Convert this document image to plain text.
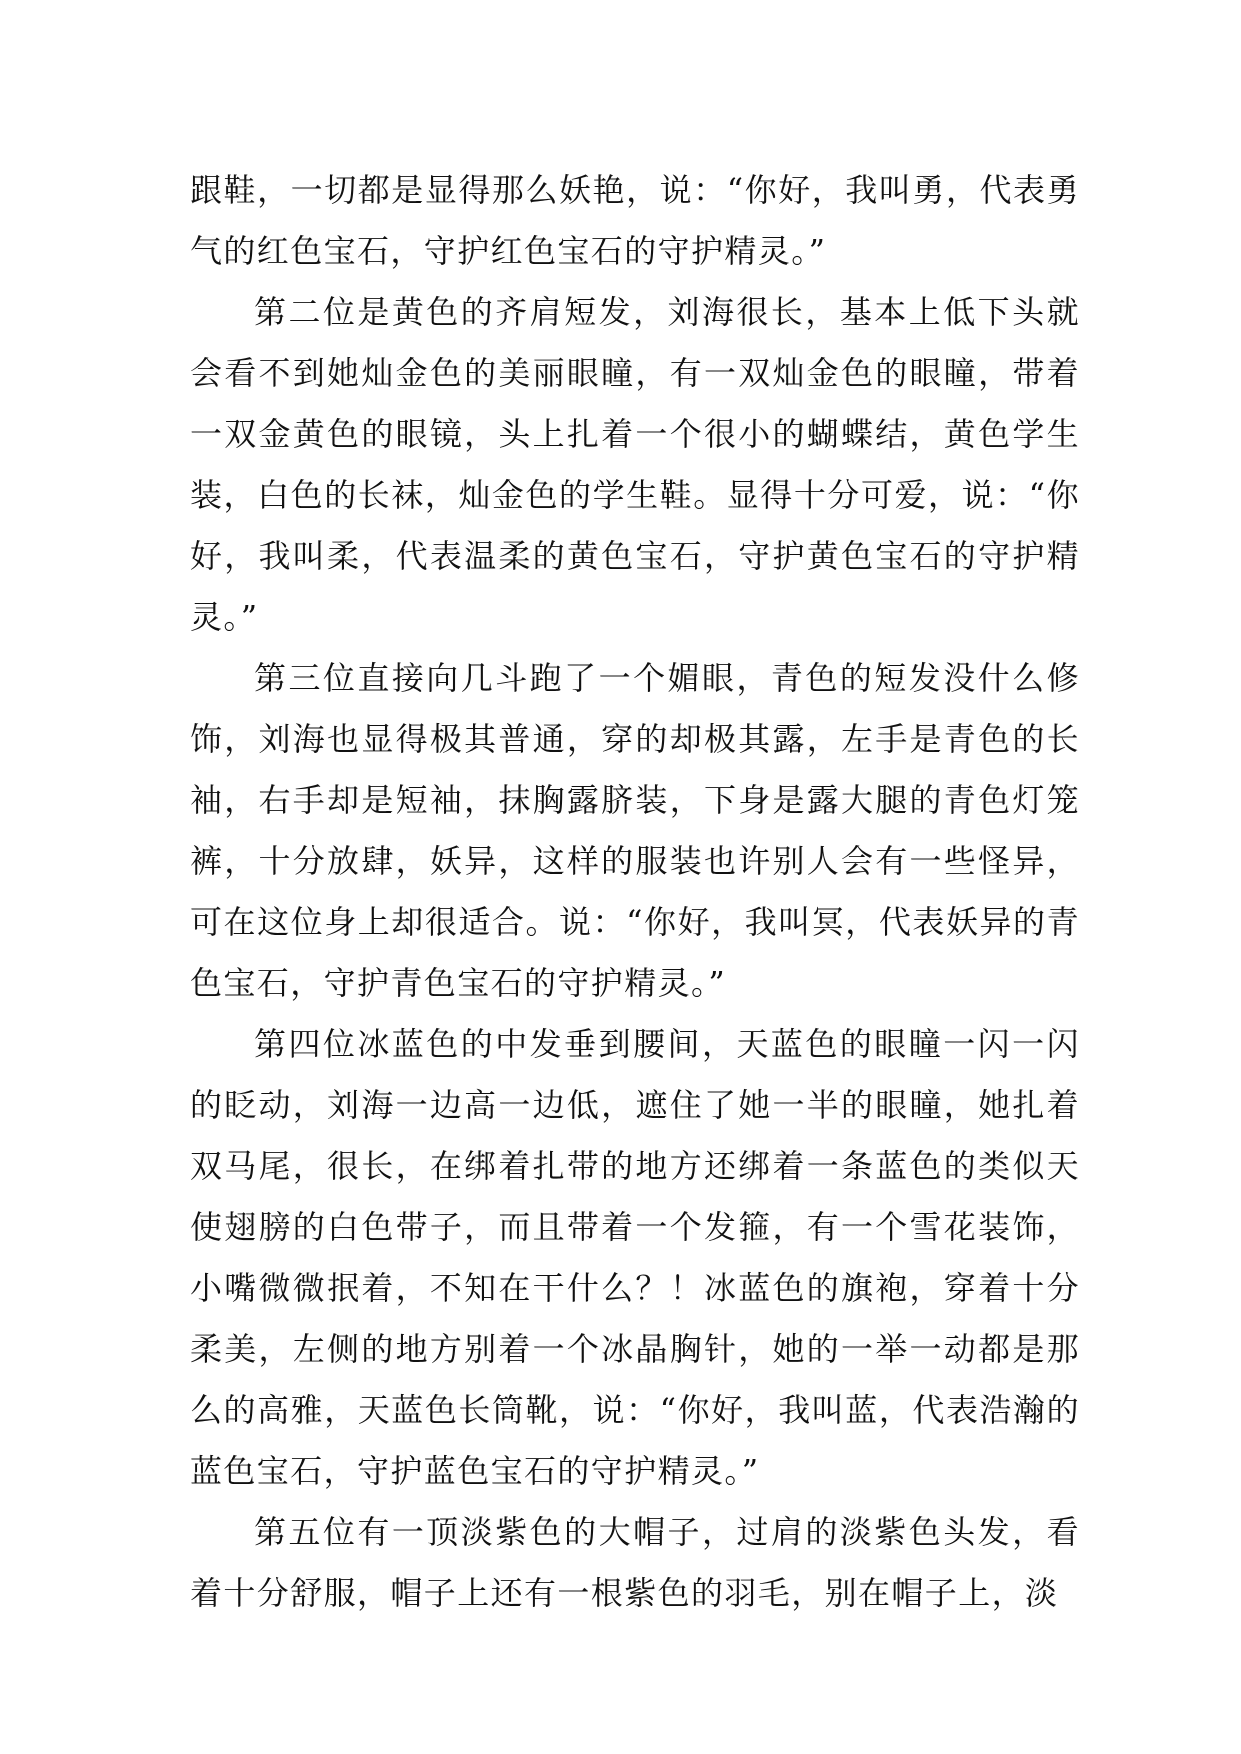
跟鞋，一切都是显得那么妖艳，说：“你好，我叫勇，代表勇气的红色宝石，守护红色宝石的守护精灵。”

第二位是黄色的齐肩短发，刘海很长，基本上低下头就会看不到她灿金色的美丽眼瞳，有一双灿金色的眼瞳，带着一双金黄色的眼镜，头上扎着一个很小的蝴蝶结，黄色学生装，白色的长袜，灿金色的学生鞋。显得十分可爱，说：“你好，我叫柔，代表温柔的黄色宝石，守护黄色宝石的守护精灵。”

第三位直接向几斗跑了一个媚眼，青色的短发没什么修饰，刘海也显得极其普通，穿的却极其露，左手是青色的长袖，右手却是短袖，抹胸露脐装，下身是露大腿的青色灯笼裤，十分放肆，妖异，这样的服装也许别人会有一些怪异，可在这位身上却很适合。说：“你好，我叫冥，代表妖异的青色宝石，守护青色宝石的守护精灵。”

第四位冰蓝色的中发垂到腰间，天蓝色的眼瞳一闪一闪的眨动，刘海一边高一边低，遮住了她一半的眼瞳，她扎着双马尾，很长，在绑着扎带的地方还绑着一条蓝色的类似天使翅膀的白色带子，而且带着一个发箍，有一个雪花装饰，小嘴微微抿着，不知在干什么？！冰蓝色的旗袍，穿着十分柔美，左侧的地方别着一个冰晶胸针，她的一举一动都是那么的高雅，天蓝色长筒靴，说：“你好，我叫蓝，代表浩瀚的蓝色宝石，守护蓝色宝石的守护精灵。”

第五位有一顶淡紫色的大帽子，过肩的淡紫色头发，看着十分舒服，帽子上还有一根紫色的羽毛，别在帽子上，淡
